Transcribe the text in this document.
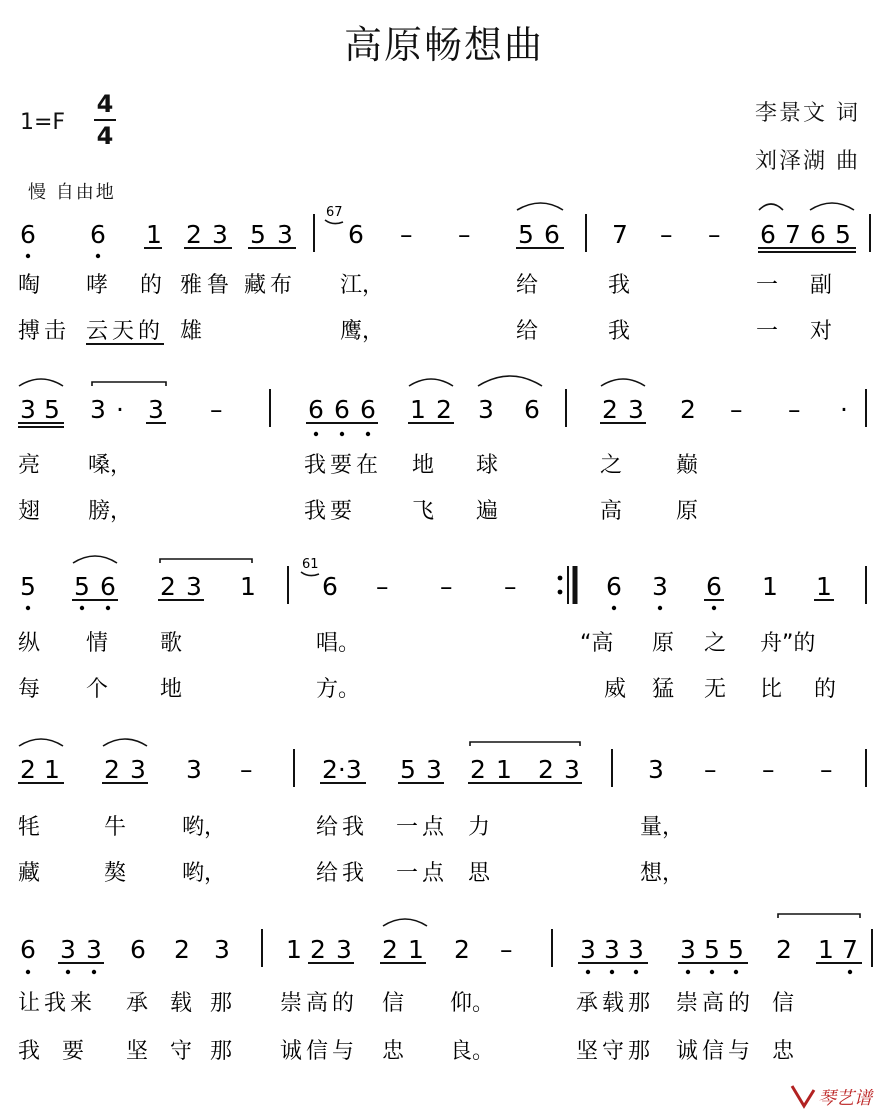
高原畅想曲
1=F
4
4
李景文 词
刘泽湖 曲
慢 自由地
6 6 1 2 3 5 3
67
6 – – 5 6 7 – – 6 7 6 5
啕 哮 的 雅 鲁 藏 布 江，	给	我	一 副
搏 击 云 天 的 雄	鹰，	给	我	一 对
3 5 3 · 3 –	6 6 6 1 2 3 6 2 3 2 – – ·
亮 嗓，	我 要 在 地 球	之 巅
翅 膀，	我 要	飞 遍	高 原
5 5 6 2 3 1
61
6 – – –	6 3 6 1 1
纵 情 歌	唱。	“高 原 之 舟”的
每 个 地	方。	威 猛 无 比 的
2 1 2 3 3 –	2·3 5 3 2 1 2 3	3 – – –
牦	牛	哟，	给 我 一 点 力	量，
藏	獒	哟，	给 我 一 点 思	想，
6 3 3 6 2 3 1 2 3 2 1 2 –	3 3 3 3 5 5 2 1 7
让 我 来 承 载 那 崇 高 的 信 仰。	承 载 那 崇 高 的 信
我 要 坚 守 那 诚 信 与 忠 良。	坚 守 那 诚 信 与 忠
琴艺谱
